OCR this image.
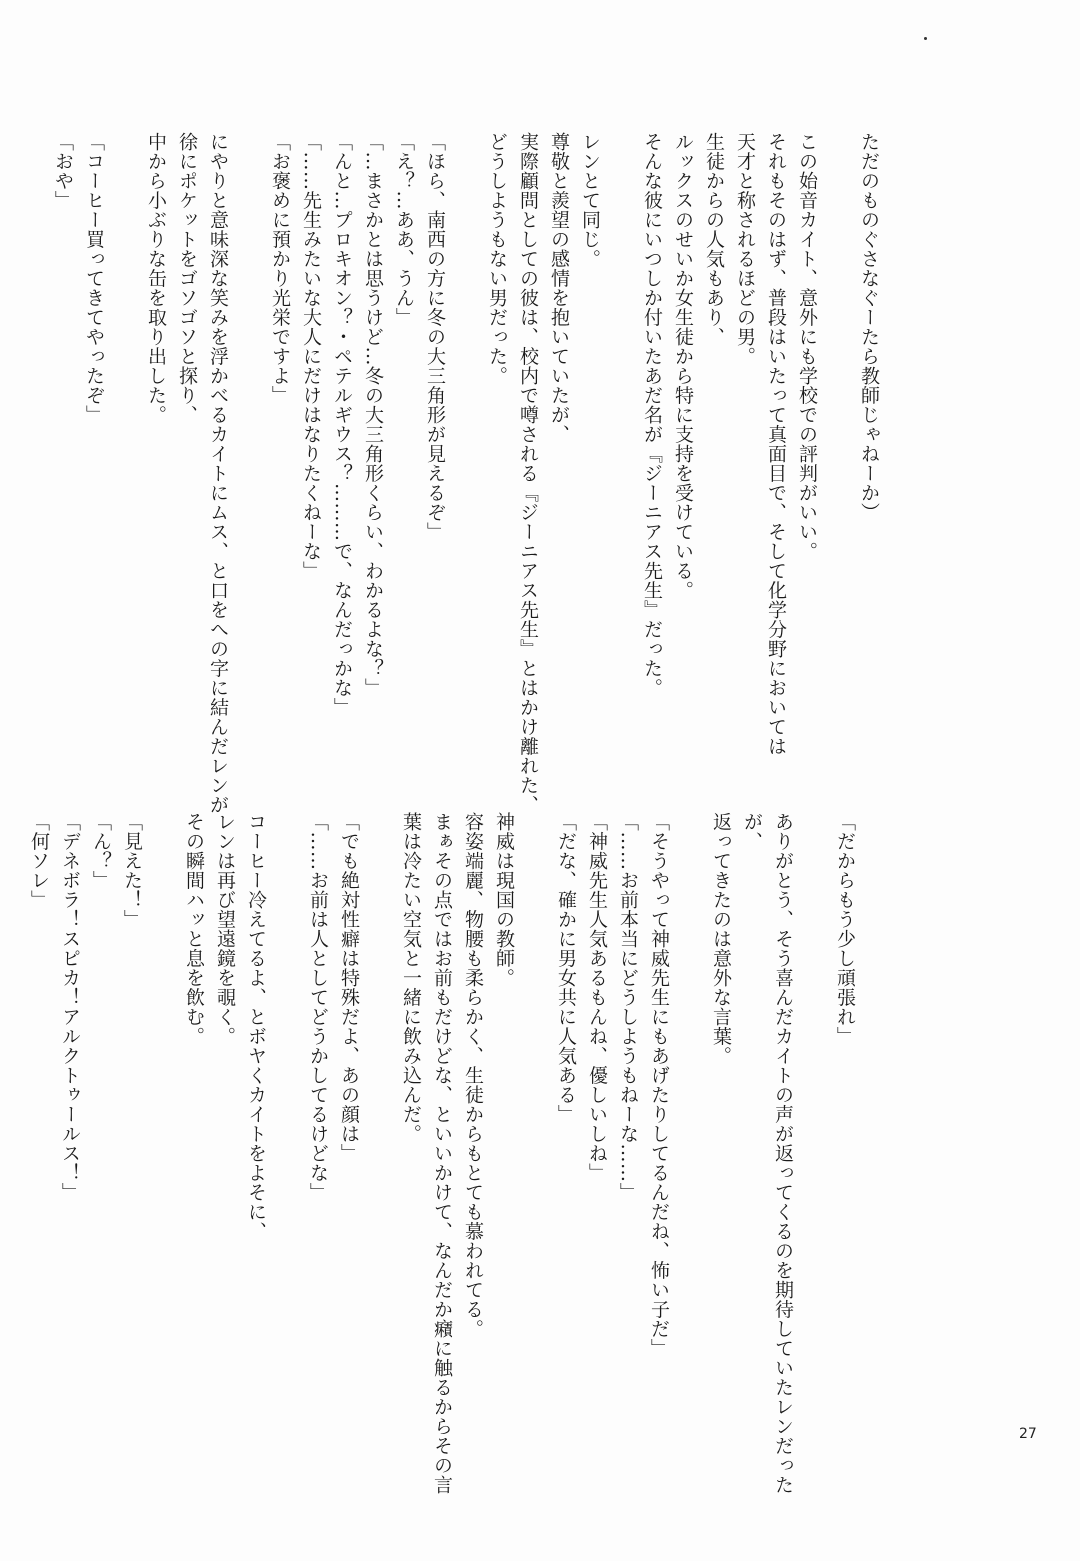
ただのものぐさなぐーたら教師じゃねーか）
この始音カイト、意外にも学校での評判がいい。
それもそのはず、普段はいたって真面目で、そして化学分野においては
天才と称されるほどの男。
生徒からの人気もあり、
ルックスのせいか女生徒から特に支持を受けている。
そんな彼にいつしか付いたあだ名が『ジーニアス先生』だった。
レンとて同じ。
尊敬と羨望の感情を抱いていたが、
実際顧問としての彼は、校内で噂される『ジーニアス先生』とはかけ離れた、
どうしようもない男だった。
「ほら、南西の方に冬の大三角形が見えるぞ」
「え？…ああ、うん」
「…まさかとは思うけど…冬の大三角形くらい、わかるよな？」
「んと…プロキオン？・ペテルギウス？………で、なんだっかな」
「……先生みたいな大人にだけはなりたくねーな」
「お褒めに預かり光栄ですよ」
にやりと意味深な笑みを浮かべるカイトにムス、と口をへの字に結んだレンが
徐にポケットをゴソゴソと探り、
中から小ぶりな缶を取り出した。
「コーヒー買ってきてやったぞ」
「おや」
「だからもう少し頑張れ」
ありがとう、そう喜んだカイトの声が返ってくるのを期待していたレンだった
が、
返ってきたのは意外な言葉。
「そうやって神威先生にもあげたりしてるんだね、怖い子だ」
「……お前本当にどうしようもねーな……」
「神威先生人気あるもんね、優しいしね」
「だな、確かに男女共に人気ある」
神威は現国の教師。
容姿端麗、物腰も柔らかく、生徒からもとても慕われてる。
まぁその点ではお前もだけどな、といいかけて、なんだか癪に触るからその言
葉は冷たい空気と一緒に飲み込んだ。
「でも絶対性癖は特殊だよ、あの顔は」
「……お前は人としてどうかしてるけどな」
コーヒー冷えてるよ、とボヤくカイトをよそに、
レンは再び望遠鏡を覗く。
その瞬間ハッと息を飲む。
「見えた！」
「ん？」
「デネボラ！スピカ！アルクトゥールス！」
「何ソレ」
27
